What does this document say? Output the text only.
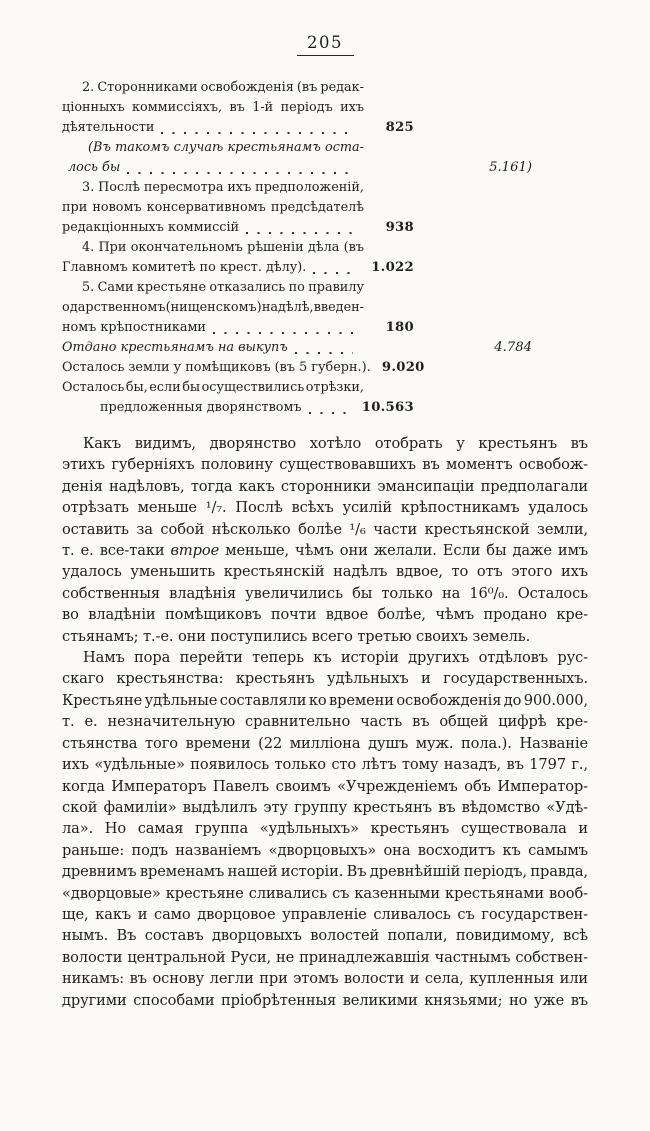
205
2. Сторонниками освобожденія (въ редак-
ціонныхъ коммиссіяхъ, въ 1-й періодъ ихъ
дѣятельности	825
(Въ такомъ случаѣ крестьянамъ оста-
лось бы	5.161)
3. Послѣ пересмотра ихъ предположеній,
при новомъ консервативномъ предсѣдателѣ
редакціонныхъ коммиссій	938
4. При окончательномъ рѣшеніи дѣла (въ
Главномъ комитетѣ по крест. дѣлу).	1.022
5. Сами крестьяне отказались по правилу
о дарственномъ (нищенскомъ) надѣлѣ, введен-
номъ крѣпостниками	180
Отдано крестьянамъ на выкупъ	4.784
Осталось земли у помѣщиковъ (въ 5 губерн.). 9.020
Осталось бы, если бы осуществились отрѣзки,
предложенныя дворянствомъ	10.563
Какъ видимъ, дворянство хотѣло отобрать у крестьянъ въ
этихъ губерніяхъ половину существовавшихъ въ моментъ освобож-
денія надѣловъ, тогда какъ сторонники эмансипаціи предполагали
отрѣзать меньше ¹/₇. Послѣ всѣхъ усилій крѣпостникамъ удалось
оставить за собой нѣсколько болѣе ¹/₆ части крестьянской земли,
т. е. все-таки втрое меньше, чѣмъ они желали. Если бы даже имъ
удалось уменьшить крестьянскій надѣлъ вдвое, то отъ этого ихъ
собственныя владѣнія увеличились бы только на 16⁰/₀. Осталось
во владѣніи помѣщиковъ почти вдвое болѣе, чѣмъ продано кре-
стьянамъ; т.-е. они поступились всего третью своихъ земель.
Намъ пора перейти теперь къ исторіи другихъ отдѣловъ рус-
скаго крестьянства: крестьянъ удѣльныхъ и государственныхъ.
Крестьяне удѣльные составляли ко времени освобожденія до 900.000,
т. е. незначительную сравнительно часть въ общей цифрѣ кре-
стьянства того времени (22 милліона душъ муж. пола.). Названіе
ихъ «удѣльные» появилось только сто лѣтъ тому назадъ, въ 1797 г.,
когда Императоръ Павелъ своимъ «Учрежденіемъ объ Император-
ской фамиліи» выдѣлилъ эту группу крестьянъ въ вѣдомство «Удѣ-
ла». Но самая группа «удѣльныхъ» крестьянъ существовала и
раньше: подъ названіемъ «дворцовыхъ» она восходитъ къ самымъ
древнимъ временамъ нашей исторіи. Въ древнѣйшій періодъ, правда,
«дворцовые» крестьяне сливались съ казенными крестьянами вооб-
ще, какъ и само дворцовое управленіе сливалось съ государствен-
нымъ. Въ составъ дворцовыхъ волостей попали, повидимому, всѣ
волости центральной Руси, не принадлежавшія частнымъ собствен-
никамъ: въ основу легли при этомъ волости и села, купленныя или
другими способами пріобрѣтенныя великими князьями; но уже въ
